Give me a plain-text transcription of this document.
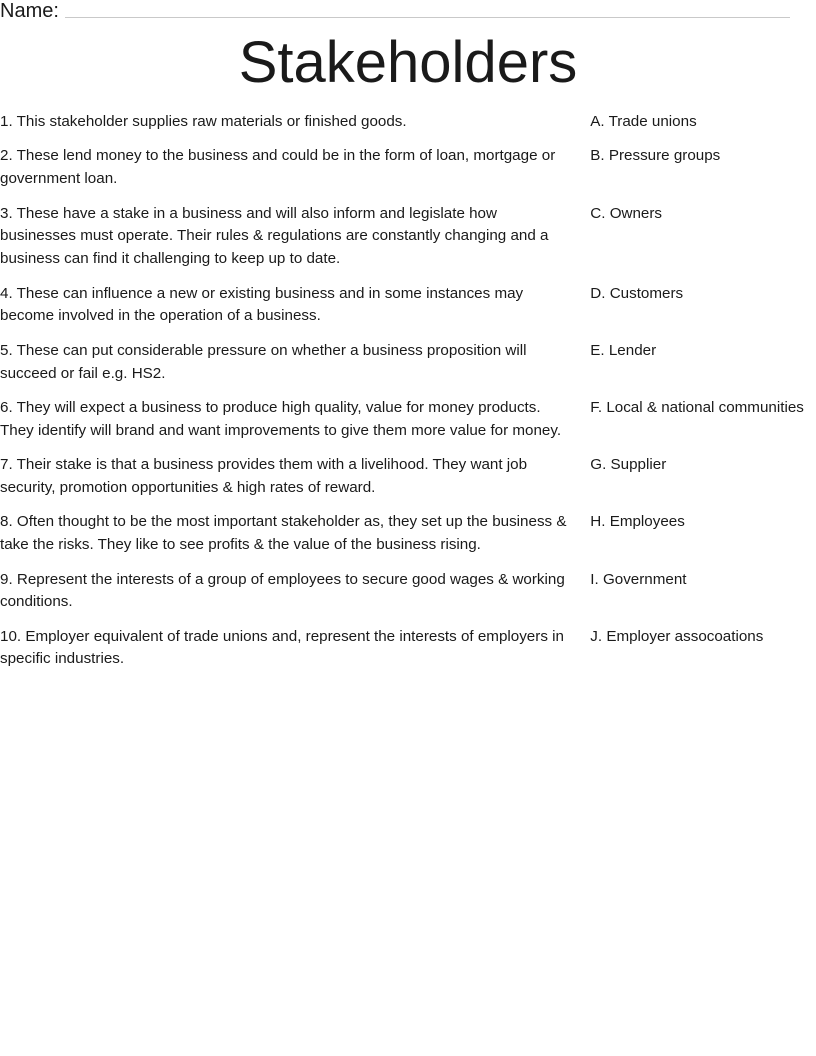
Name:
Stakeholders
1. This stakeholder supplies raw materials or finished goods.	A. Trade unions
2. These lend money to the business and could be in the form of loan, mortgage or government loan.
B. Pressure groups
3. These have a stake in a business and will also inform and legislate how businesses must operate. Their rules & regulations are constantly changing and a business can find it challenging to keep up to date.
C. Owners
4. These can influence a new or existing business and in some instances may become involved in the operation of a business.
D. Customers
5. These can put considerable pressure on whether a business proposition will succeed or fail e.g. HS2.
E. Lender
6. They will expect a business to produce high quality, value for money products. They identify will brand and want improvements to give them more value for money.
F. Local & national communities
7. Their stake is that a business provides them with a livelihood. They want job security, promotion opportunities & high rates of reward.
G. Supplier
8. Often thought to be the most important stakeholder as, they set up the business & take the risks. They like to see profits & the value of the business rising.
H. Employees
9. Represent the interests of a group of employees to secure good wages & working conditions.
I. Government
10. Employer equivalent of trade unions and, represent the interests of employers in specific industries.
J. Employer assocoations
